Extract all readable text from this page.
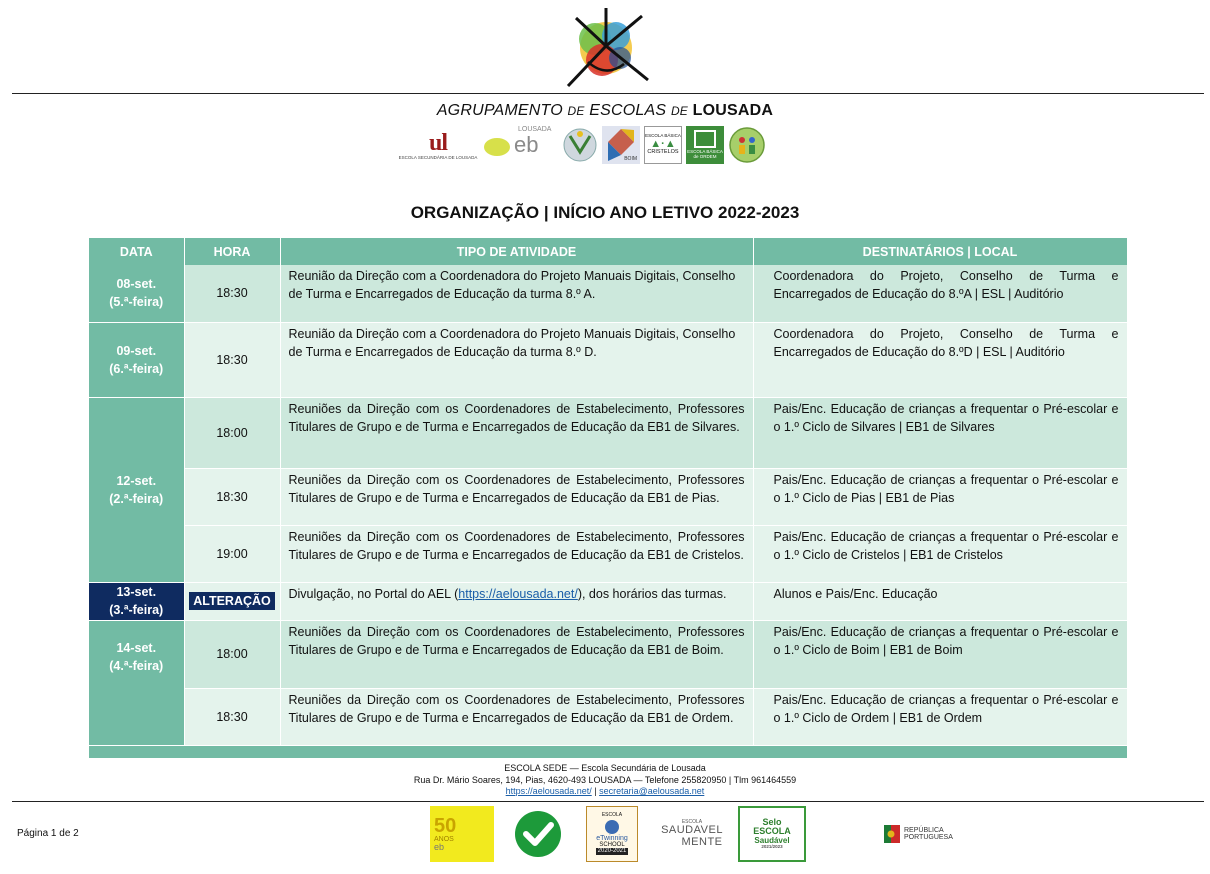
AGRUPAMENTO DE ESCOLAS DE LOUSADA
ul
ESCOLA SECUNDÁRIA DE LOUSADA
LOUSADA
eb
BOIM
ESCOLA BÁSICA
▲·▲
CRISTELOS ESCOLA BÁSICA de ORDEM
ORGANIZAÇÃO | INÍCIO ANO LETIVO 2022-2023
DATA	HORA	TIPO DE ATIVIDADE	DESTINATÁRIOS | LOCAL

08-set.
(5.ª-feira)	18:30	Reunião da Direção com a Coordenadora do Projeto Manuais Digitais, Conselho de Turma e Encarregados de Educação da turma 8.º A.	Coordenadora do Projeto, Conselho de Turma e Encarregados de Educação do 8.ºA | ESL | Auditório

09-set.
(6.ª-feira)	18:30	Reunião da Direção com a Coordenadora do Projeto Manuais Digitais, Conselho de Turma e Encarregados de Educação da turma 8.º D.	Coordenadora do Projeto, Conselho de Turma e Encarregados de Educação do 8.ºD | ESL | Auditório

12-set.
(2.ª-feira)	18:00	Reuniões da Direção com os Coordenadores de Estabelecimento, Professores Titulares de Grupo e de Turma e Encarregados de Educação da EB1 de Silvares.	Pais/Enc. Educação de crianças a frequentar o Pré-escolar e o 1.º Ciclo de Silvares | EB1 de Silvares
	18:30	Reuniões da Direção com os Coordenadores de Estabelecimento, Professores Titulares de Grupo e de Turma e Encarregados de Educação da EB1 de Pias.	Pais/Enc. Educação de crianças a frequentar o Pré-escolar e o 1.º Ciclo de Pias | EB1 de Pias
	19:00	Reuniões da Direção com os Coordenadores de Estabelecimento, Professores Titulares de Grupo e de Turma e Encarregados de Educação da EB1 de Cristelos.	Pais/Enc. Educação de crianças a frequentar o Pré-escolar e o 1.º Ciclo de Cristelos | EB1 de Cristelos

13-set.
(3.ª-feira)	ALTERAÇÃO	Divulgação, no Portal do AEL (https://aelousada.net/), dos horários das turmas.	Alunos e Pais/Enc. Educação

14-set.
(4.ª-feira)	18:00	Reuniões da Direção com os Coordenadores de Estabelecimento, Professores Titulares de Grupo e de Turma e Encarregados de Educação da EB1 de Boim.	Pais/Enc. Educação de crianças a frequentar o Pré-escolar e o 1.º Ciclo de Boim | EB1 de Boim
	18:30	Reuniões da Direção com os Coordenadores de Estabelecimento, Professores Titulares de Grupo e de Turma e Encarregados de Educação da EB1 de Ordem.	Pais/Enc. Educação de crianças a frequentar o Pré-escolar e o 1.º Ciclo de Ordem | EB1 de Ordem

ESCOLA SEDE — Escola Secundária de Lousada
Rua Dr. Mário Soares, 194, Pias, 4620-493 LOUSADA — Telefone 255820950 | Tlm 961464559
https://aelousada.net/ | secretaria@aelousada.net
Página 1 de 2	50
ANOS
eb
ESCOLA
eTwinning
SCHOOL
2020-2021
ESCOLA
SAUDAVEL
MENTE
Selo
ESCOLA
Saudável
2021/2023
REPÚBLICA
PORTUGUESA
